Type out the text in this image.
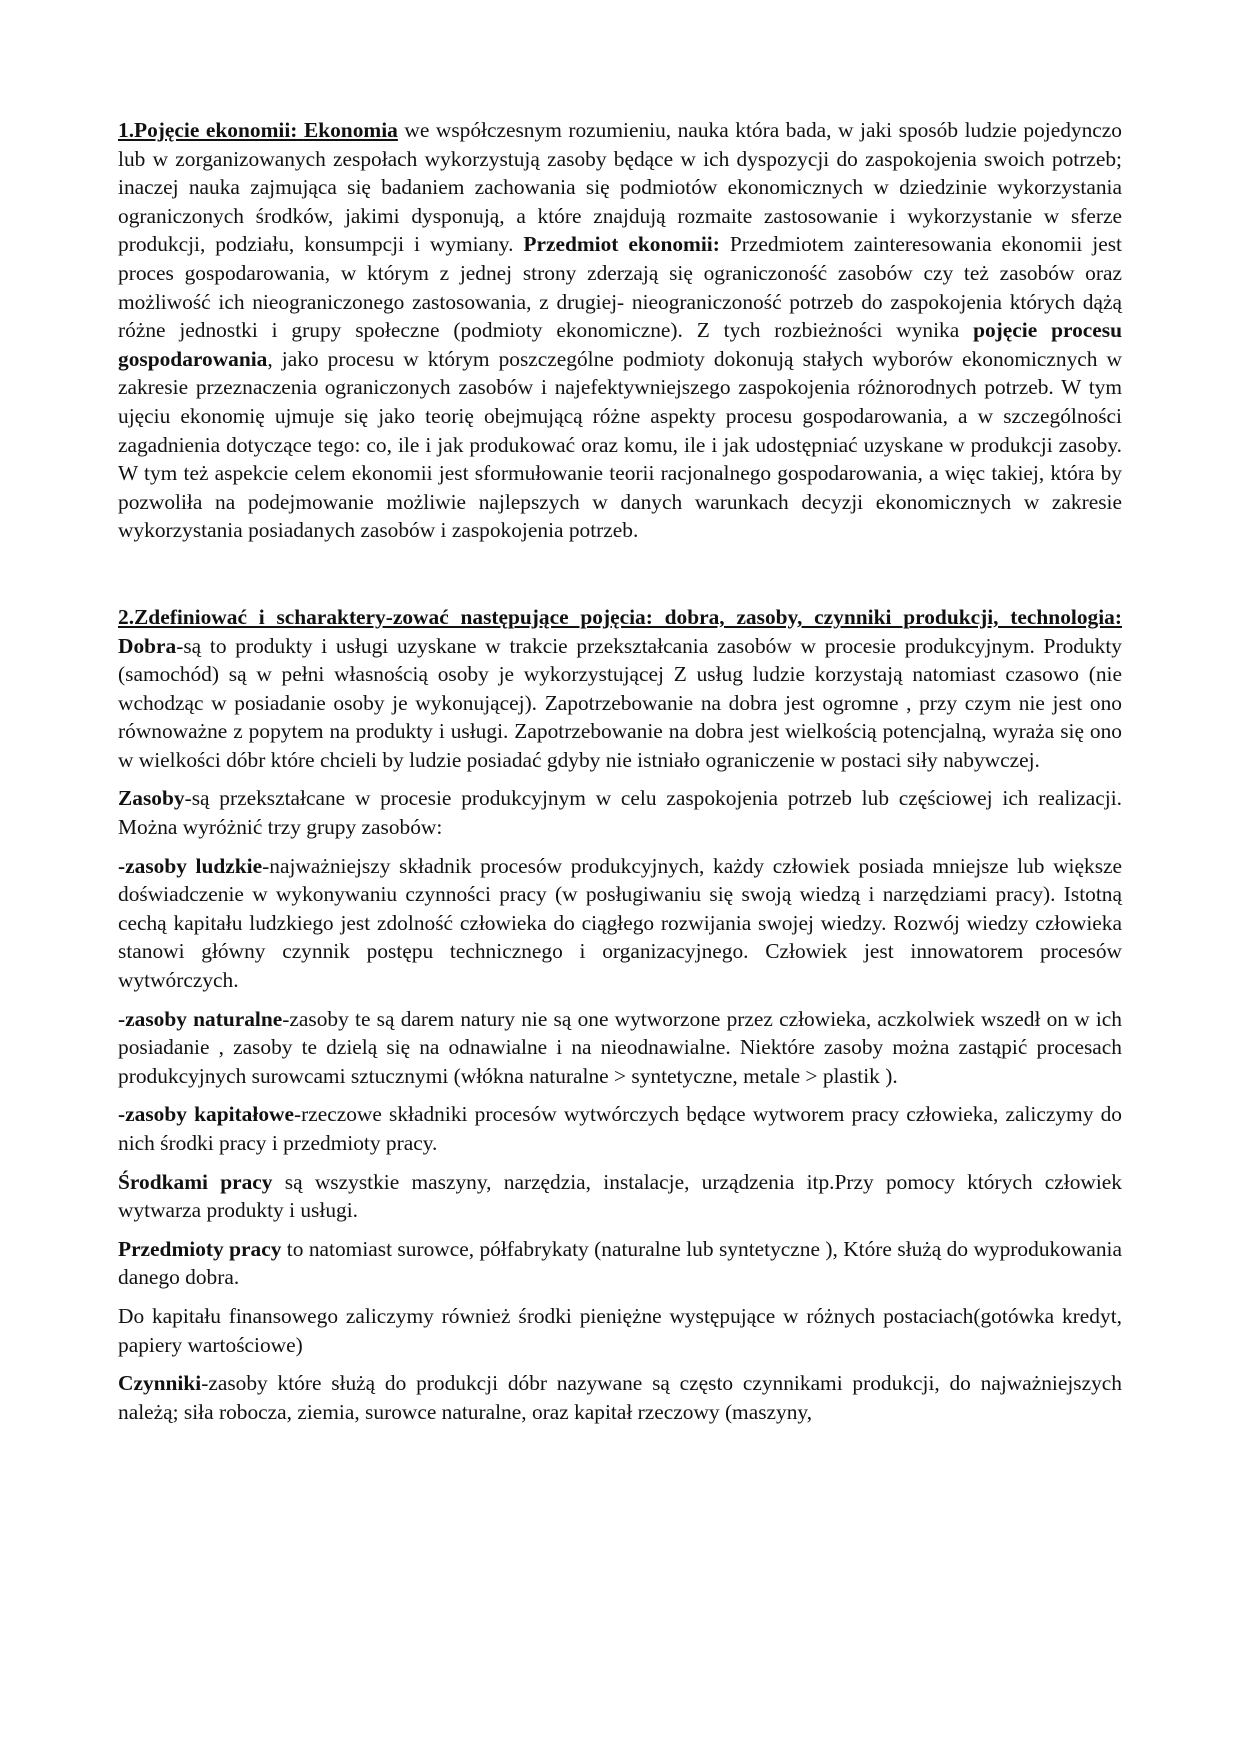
1.Pojęcie ekonomii: Ekonomia we współczesnym rozumieniu, nauka która bada, w jaki sposób ludzie pojedynczo lub w zorganizowanych zespołach wykorzystują zasoby będące w ich dyspozycji do zaspokojenia swoich potrzeb; inaczej nauka zajmująca się badaniem zachowania się podmiotów ekonomicznych w dziedzinie wykorzystania ograniczonych środków, jakimi dysponują, a które znajdują rozmaite zastosowanie i wykorzystanie w sferze produkcji, podziału, konsumpcji i wymiany. Przedmiot ekonomii: Przedmiotem zainteresowania ekonomii jest proces gospodarowania, w którym z jednej strony zderzają się ograniczoność zasobów czy też zasobów oraz możliwość ich nieograniczonego zastosowania, z drugiej- nieograniczoność potrzeb do zaspokojenia których dążą różne jednostki i grupy społeczne (podmioty ekonomiczne). Z tych rozbieżności wynika pojęcie procesu gospodarowania, jako procesu w którym poszczególne podmioty dokonują stałych wyborów ekonomicznych w zakresie przeznaczenia ograniczonych zasobów i najefektywniejszego zaspokojenia różnorodnych potrzeb. W tym ujęciu ekonomię ujmuje się jako teorię obejmującą różne aspekty procesu gospodarowania, a w szczególności zagadnienia dotyczące tego: co, ile i jak produkować oraz komu, ile i jak udostępniać uzyskane w produkcji zasoby. W tym też aspekcie celem ekonomii jest sformułowanie teorii racjonalnego gospodarowania, a więc takiej, która by pozwoliła na podejmowanie możliwie najlepszych w danych warunkach decyzji ekonomicznych w zakresie wykorzystania posiadanych zasobów i zaspokojenia potrzeb.

2.Zdefiniować i scharaktery-zować następujące pojęcia: dobra, zasoby, czynniki produkcji, technologia: Dobra-są to produkty i usługi uzyskane w trakcie przekształcania zasobów w procesie produkcyjnym. Produkty (samochód) są w pełni własnością osoby je wykorzystującej Z usług ludzie korzystają natomiast czasowo (nie wchodząc w posiadanie osoby je wykonującej). Zapotrzebowanie na dobra jest ogromne , przy czym nie jest ono równoważne z popytem na produkty i usługi. Zapotrzebowanie na dobra jest wielkością potencjalną, wyraża się ono w wielkości dóbr które chcieli by ludzie posiadać gdyby nie istniało ograniczenie w postaci siły nabywczej.

Zasoby-są przekształcane w procesie produkcyjnym w celu zaspokojenia potrzeb lub częściowej ich realizacji. Można wyróżnić trzy grupy zasobów:

-zasoby ludzkie-najważniejszy składnik procesów produkcyjnych, każdy człowiek posiada mniejsze lub większe doświadczenie w wykonywaniu czynności pracy (w posługiwaniu się swoją wiedzą i narzędziami pracy). Istotną cechą kapitału ludzkiego jest zdolność człowieka do ciągłego rozwijania swojej wiedzy. Rozwój wiedzy człowieka stanowi główny czynnik postępu technicznego i organizacyjnego. Człowiek jest innowatorem procesów wytwórczych.

-zasoby naturalne-zasoby te są darem natury nie są one wytworzone przez człowieka, aczkolwiek wszedł on w ich posiadanie , zasoby te dzielą się na odnawialne i na nieodnawialne. Niektóre zasoby można zastąpić procesach produkcyjnych surowcami sztucznymi (włókna naturalne > syntetyczne, metale > plastik ).

-zasoby kapitałowe-rzeczowe składniki procesów wytwórczych będące wytworem pracy człowieka, zaliczymy do nich środki pracy i przedmioty pracy.

Środkami pracy są wszystkie maszyny, narzędzia, instalacje, urządzenia itp.Przy pomocy których człowiek wytwarza produkty i usługi.

Przedmioty pracy to natomiast surowce, półfabrykaty (naturalne lub syntetyczne ), Które służą do wyprodukowania danego dobra.

Do kapitału finansowego zaliczymy również środki pieniężne występujące w różnych postaciach(gotówka kredyt, papiery wartościowe)

Czynniki-zasoby które służą do produkcji dóbr nazywane są często czynnikami produkcji, do najważniejszych należą; siła robocza, ziemia, surowce naturalne, oraz kapitał rzeczowy (maszyny,
